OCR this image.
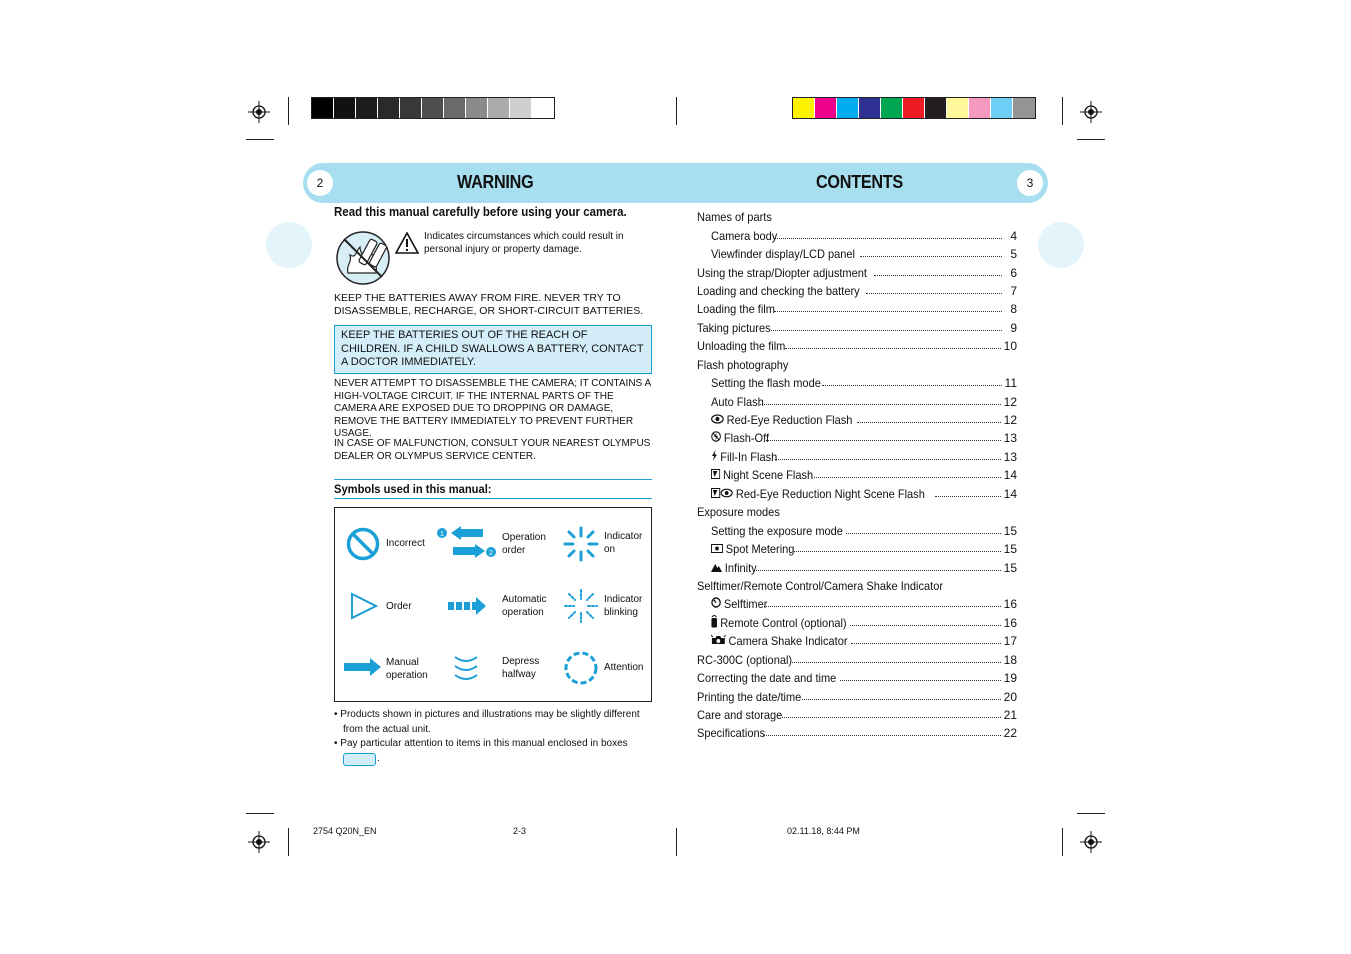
2	WARNING	CONTENTS	3
Read this manual carefully before using your camera.
Indicates circumstances which could result in personal injury or property damage.
KEEP THE BATTERIES AWAY FROM FIRE. NEVER TRY TO DISASSEMBLE, RECHARGE, OR SHORT-CIRCUIT BATTERIES.
KEEP THE BATTERIES OUT OF THE REACH OF CHILDREN. IF A CHILD SWALLOWS A BATTERY, CONTACT A DOCTOR IMMEDIATELY.
NEVER ATTEMPT TO DISASSEMBLE THE CAMERA; IT CONTAINS A HIGH-VOLTAGE CIRCUIT. IF THE INTERNAL PARTS OF THE CAMERA ARE EXPOSED DUE TO DROPPING OR DAMAGE, REMOVE THE BATTERY IMMEDIATELY TO PREVENT FURTHER USAGE.
IN CASE OF MALFUNCTION, CONSULT YOUR NEAREST OLYMPUS DEALER OR OLYMPUS SERVICE CENTER.
Symbols used in this manual:
Incorrect
1
2
Operation
order
Indicator
on
Order
Automatic
operation
Indicator
blinking
Manual
operation
Depress
halfway
Attention
• Products shown in pictures and illustrations may be slightly different
from the actual unit.
• Pay particular attention to items in this manual enclosed in boxes
.
Names of parts
Camera body	4
Viewfinder display/LCD panel	5
Using the strap/Diopter adjustment	6
Loading and checking the battery	7
Loading the film	8
Taking pictures	9
Unloading the film	10
Flash photography
Setting the flash mode	11
Auto Flash	12
Red-Eye Reduction Flash	12
Flash-Off	13
Fill-In Flash	13
Night Scene Flash	14
Red-Eye Reduction Night Scene Flash	14
Exposure modes
Setting the exposure mode	15
Spot Metering	15
Infinity	15
Selftimer/Remote Control/Camera Shake Indicator
Selftimer	16
Remote Control (optional)	16
Camera Shake Indicator	17
RC-300C (optional)	18
Correcting the date and time	19
Printing the date/time	20
Care and storage	21
Specifications	22
2754 Q20N_EN	2-3	02.11.18, 8:44 PM
